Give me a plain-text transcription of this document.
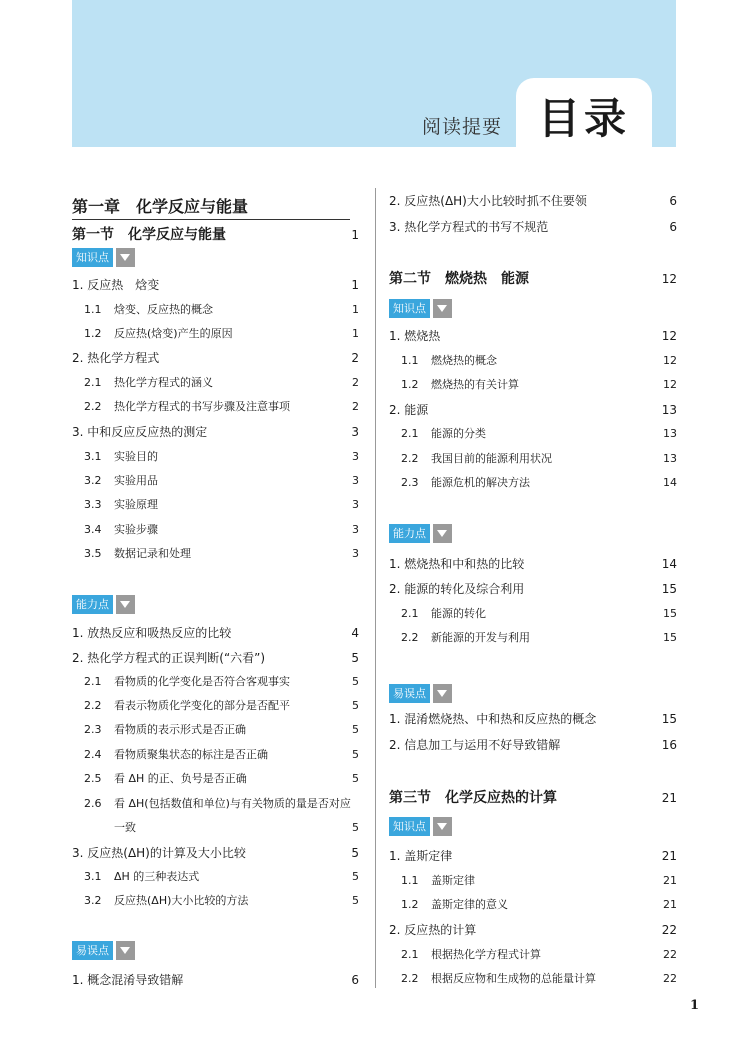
阅读提要 目录
第一章　化学反应与能量
第一节　化学反应与能量	1
知识点
1. 反应热　焓变	1
1.1 焓变、反应热的概念	1
1.2 反应热(焓变)产生的原因	1
2. 热化学方程式	2
2.1 热化学方程式的涵义	2
2.2 热化学方程式的书写步骤及注意事项	2
3. 中和反应反应热的测定	3
3.1 实验目的	3
3.2 实验用品	3
3.3 实验原理	3
3.4 实验步骤	3
3.5 数据记录和处理	3
能力点
1. 放热反应和吸热反应的比较	4
2. 热化学方程式的正误判断(“六看”)	5
2.1 看物质的化学变化是否符合客观事实	5
2.2 看表示物质化学变化的部分是否配平	5
2.3 看物质的表示形式是否正确	5
2.4 看物质聚集状态的标注是否正确	5
2.5 看 ΔH 的正、负号是否正确	5
2.6 看 ΔH(包括数值和单位)与有关物质的量是否对应
一致	5
3. 反应热(ΔH)的计算及大小比较	5
3.1 ΔH 的三种表达式	5
3.2 反应热(ΔH)大小比较的方法	5
易误点
1. 概念混淆导致错解	6
2. 反应热(ΔH)大小比较时抓不住要领	6
3. 热化学方程式的书写不规范	6
第二节　燃烧热　能源	12
知识点
1. 燃烧热	12
1.1 燃烧热的概念	12
1.2 燃烧热的有关计算	12
2. 能源	13
2.1 能源的分类	13
2.2 我国目前的能源利用状况	13
2.3 能源危机的解决方法	14
能力点
1. 燃烧热和中和热的比较	14
2. 能源的转化及综合利用	15
2.1 能源的转化	15
2.2 新能源的开发与利用	15
易误点
1. 混淆燃烧热、中和热和反应热的概念	15
2. 信息加工与运用不好导致错解	16
第三节　化学反应热的计算	21
知识点
1. 盖斯定律	21
1.1 盖斯定律	21
1.2 盖斯定律的意义	21
2. 反应热的计算	22
2.1 根据热化学方程式计算	22
2.2 根据反应物和生成物的总能量计算	22
1
